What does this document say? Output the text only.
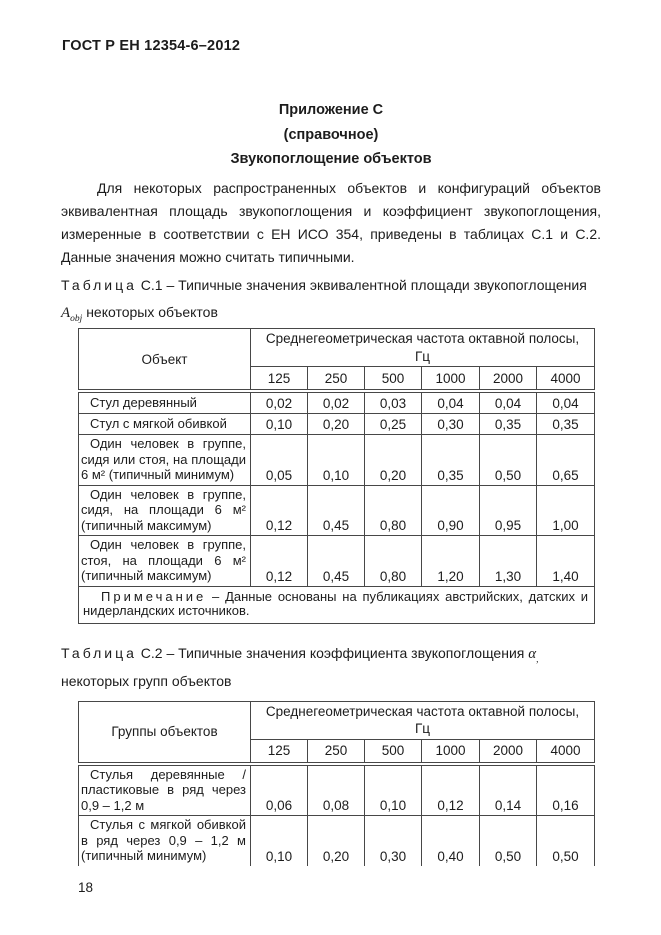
ГОСТ Р ЕН 12354-6–2012

Приложение С

(справочное)

Звукопоглощение объектов

Для некоторых распространенных объектов и конфигураций объектов эквивалентная площадь звукопоглощения и коэффициент звукопоглощения, измеренные в соответствии с ЕН ИСО 354, приведены в таблицах С.1 и С.2. Данные значения можно считать типичными.

Таблица С.1 – Типичные значения эквивалентной площади звукопоглощения $A_{obj}$ некоторых объектов

Объект	Среднегеометрическая частота октавной полосы,
Гц					

	125	250	500	1000	2000	4000
Стул деревянный	0,02	0,02	0,03	0,04	0,04	0,04
Стул с мягкой обивкой	0,10	0,20	0,25	0,30	0,35	0,35
Один человек в группе, сидя или стоя, на площади 6 м² (типичный минимум)	0,05	0,10	0,20	0,35	0,50	0,65
Один человек в группе, сидя, на площади 6 м² (типичный максимум)	0,12	0,45	0,80	0,90	0,95	1,00
Один человек в группе, стоя, на площади 6 м² (типичный максимум)	0,12	0,45	0,80	1,20	1,30	1,40
Примечание – Данные основаны на публикациях австрийских, датских и нидерландских источников.						

Таблица С.2 – Типичные значения коэффициента звукопоглощения $\alpha_,$ некоторых групп объектов

Группы объектов	Среднегеометрическая частота октавной полосы,
Гц					

	125	250	500	1000	2000	4000
Стулья деревянные /пластиковые в ряд через 0,9 – 1,2 м	0,06	0,08	0,10	0,12	0,14	0,16
Стулья с мягкой обивкой в ряд через 0,9 – 1,2 м (типичный минимум)	0,10	0,20	0,30	0,40	0,50	0,50

18
